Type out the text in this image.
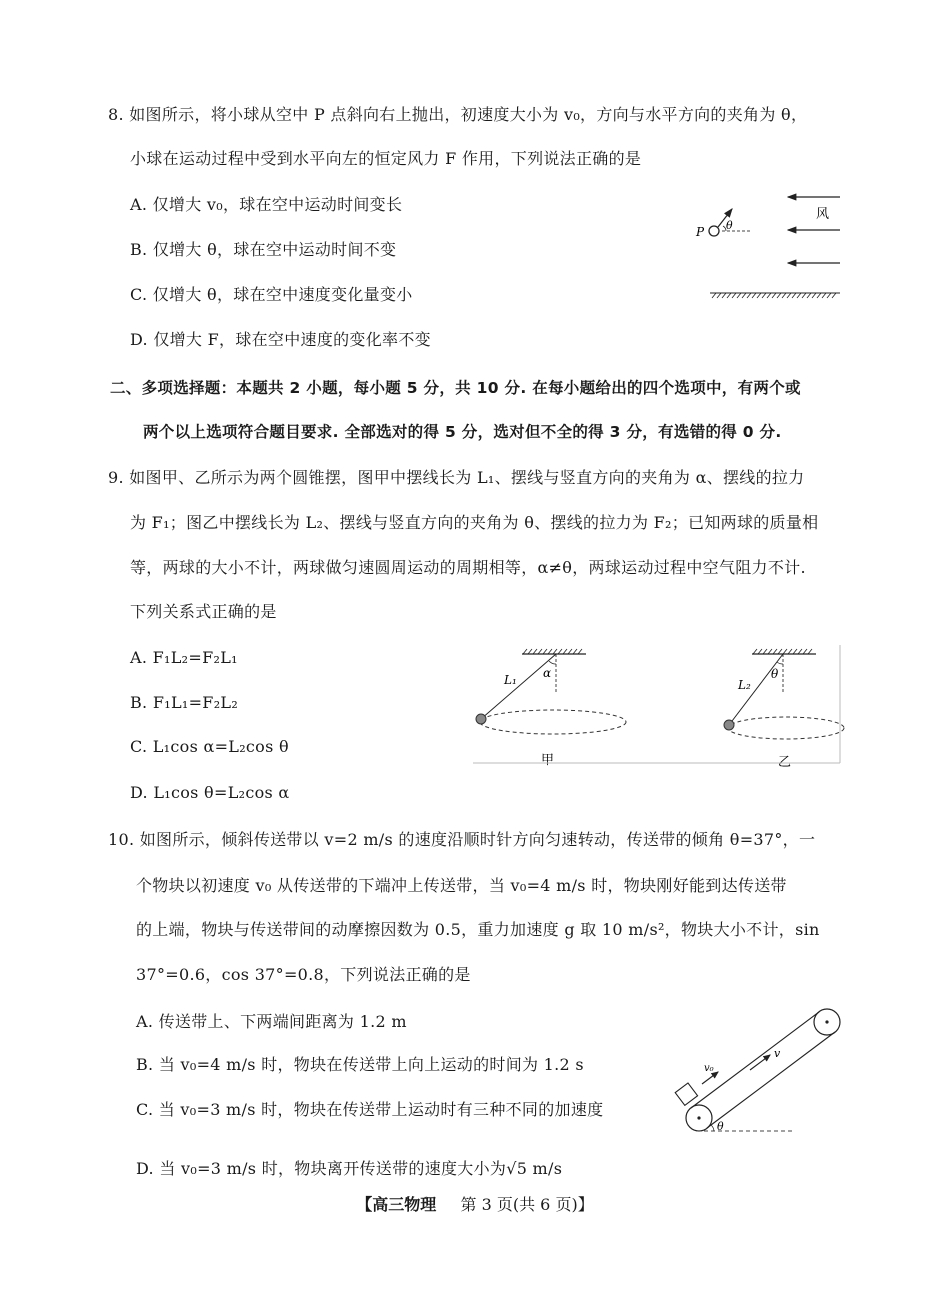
8. 如图所示，将小球从空中 P 点斜向右上抛出，初速度大小为 v₀，方向与水平方向的夹角为 θ，
小球在运动过程中受到水平向左的恒定风力 F 作用，下列说法正确的是
A. 仅增大 v₀，球在空中运动时间变长
B. 仅增大 θ，球在空中运动时间不变
C. 仅增大 θ，球在空中速度变化量变小
D. 仅增大 F，球在空中速度的变化率不变
P θ
风
二、多项选择题：本题共 2 小题，每小题 5 分，共 10 分. 在每小题给出的四个选项中，有两个或
两个以上选项符合题目要求. 全部选对的得 5 分，选对但不全的得 3 分，有选错的得 0 分.
9. 如图甲、乙所示为两个圆锥摆，图甲中摆线长为 L₁、摆线与竖直方向的夹角为 α、摆线的拉力
为 F₁；图乙中摆线长为 L₂、摆线与竖直方向的夹角为 θ、摆线的拉力为 F₂；已知两球的质量相
等，两球的大小不计，两球做匀速圆周运动的周期相等，α≠θ，两球运动过程中空气阻力不计.
下列关系式正确的是
A. F₁L₂=F₂L₁
B. F₁L₁=F₂L₂
C. L₁cos α=L₂cos θ
D. L₁cos θ=L₂cos α
α
L₁
甲
θ
L₂
乙
10. 如图所示，倾斜传送带以 v=2 m/s 的速度沿顺时针方向匀速转动，传送带的倾角 θ=37°，一
个物块以初速度 v₀ 从传送带的下端冲上传送带，当 v₀=4 m/s 时，物块刚好能到达传送带
的上端，物块与传送带间的动摩擦因数为 0.5，重力加速度 g 取 10 m/s²，物块大小不计，sin
37°=0.6，cos 37°=0.8，下列说法正确的是
A. 传送带上、下两端间距离为 1.2 m
B. 当 v₀=4 m/s 时，物块在传送带上向上运动的时间为 1.2 s
C. 当 v₀=3 m/s 时，物块在传送带上运动时有三种不同的加速度
D. 当 v₀=3 m/s 时，物块离开传送带的速度大小为√5 m/s
θ
v₀
v
【高三物理 第 3 页(共 6 页)】
